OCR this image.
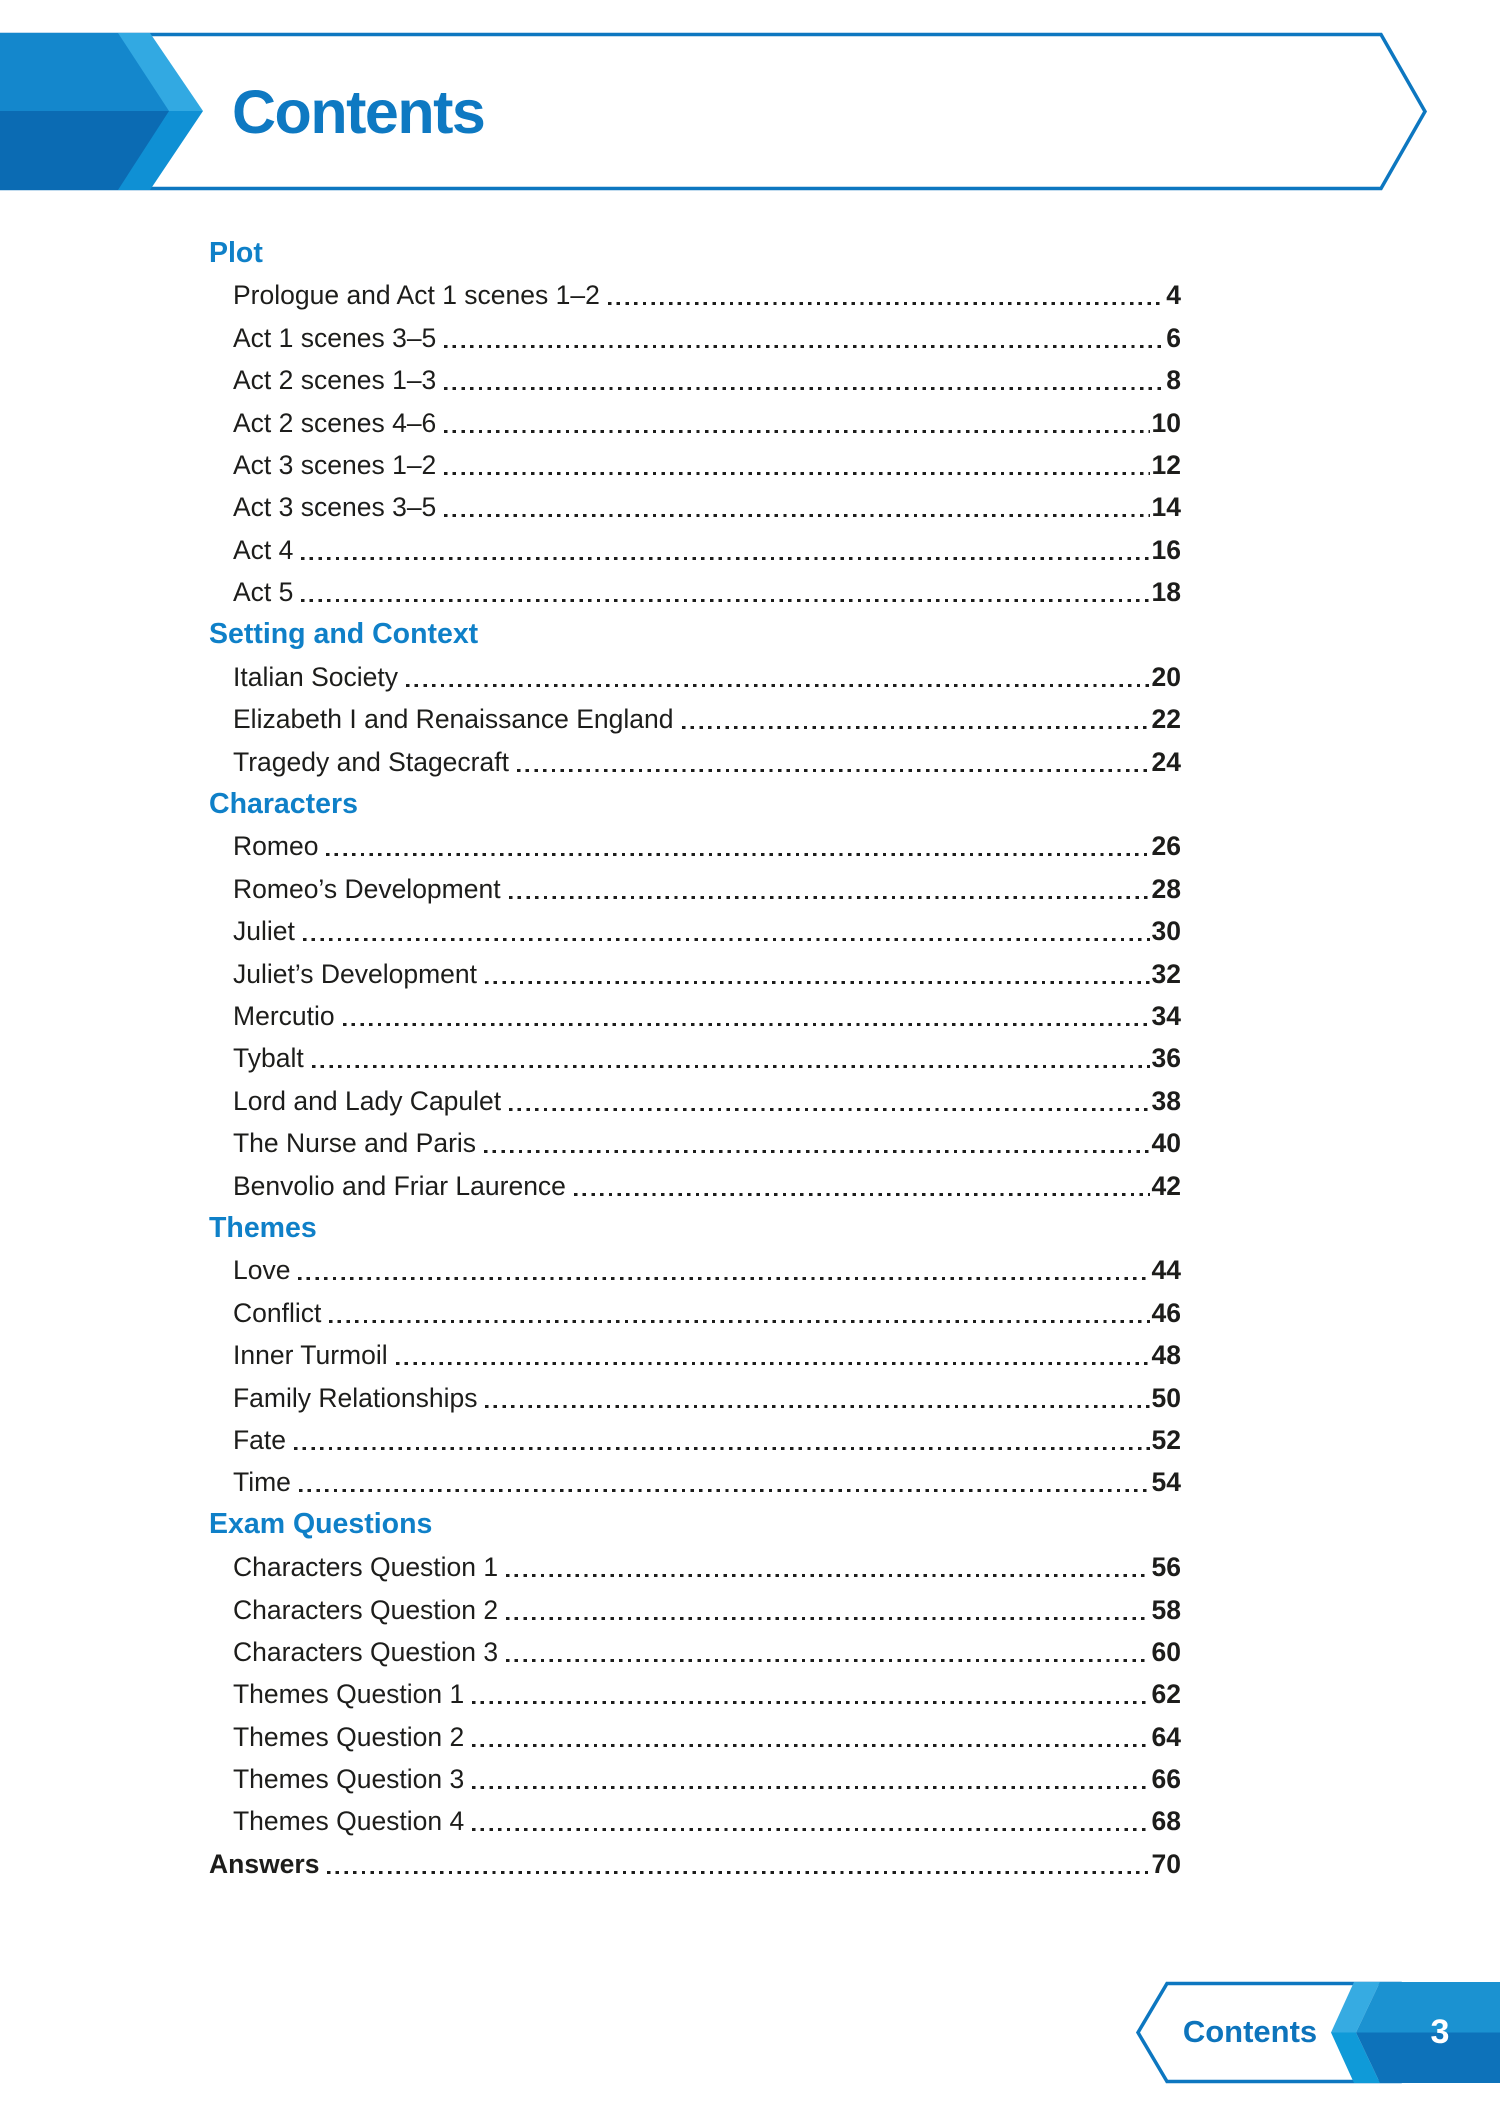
Contents
Plot
Prologue and Act 1 scenes 1–2	4
Act 1 scenes 3–5	6
Act 2 scenes 1–3	8
Act 2 scenes 4–6	10
Act 3 scenes 1–2	12
Act 3 scenes 3–5	14
Act 4	16
Act 5	18
Setting and Context
Italian Society	20
Elizabeth I and Renaissance England	22
Tragedy and Stagecraft	24
Characters
Romeo	26
Romeo’s Development	28
Juliet	30
Juliet’s Development	32
Mercutio	34
Tybalt	36
Lord and Lady Capulet	38
The Nurse and Paris	40
Benvolio and Friar Laurence	42
Themes
Love	44
Conflict	46
Inner Turmoil	48
Family Relationships	50
Fate	52
Time	54
Exam Questions
Characters Question 1	56
Characters Question 2	58
Characters Question 3	60
Themes Question 1	62
Themes Question 2	64
Themes Question 3	66
Themes Question 4	68
Answers	70
Contents	3
